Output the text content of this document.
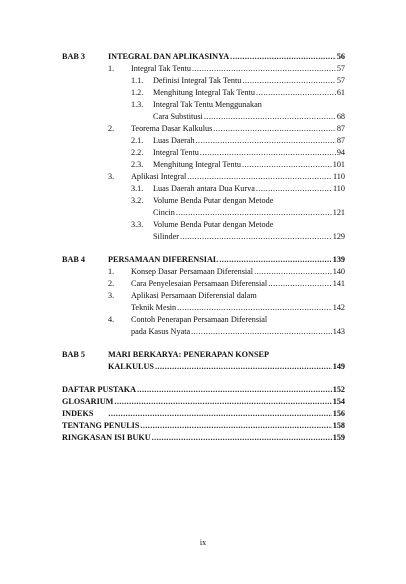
BAB 3	INTEGRAL DAN APLIKASINYA .....	56
1. Integral Tak Tentu .....	57
1.1. Definisi Integral Tak Tentu .....	57
1.2. Menghitung Integral Tak Tentu .....	61
1.3. Integral Tak Tentu Menggunakan
Cara Substitusi .....	68
2. Teorema Dasar Kalkulus .....	87
2.1. Luas Daerah .....	87
2.2. Integral Tentu .....	94
2.3. Menghitung Integral Tentu .....	101
3. Aplikasi Integral .....	110
3.1. Luas Daerah antara Dua Kurva .....	110
3.2. Volume Benda Putar dengan Metode
Cincin .....	121
3.3. Volume Benda Putar dengan Metode
Silinder .....	129
BAB 4	PERSAMAAN DIFERENSIAL .....	139
1. Konsep Dasar Persamaan Diferensial .....	140
2. Cara Penyelesaian Persamaan Diferensial .....	141
3. Aplikasi Persamaan Diferensial dalam
Teknik Mesin .....	142
4. Contoh Penerapan Persamaan Diferensial
pada Kasus Nyata .....	143
BAB 5	MARI BERKARYA: PENERAPAN KONSEP
KALKULUS .....	149
DAFTAR PUSTAKA .....	152
GLOSARIUM .....	154
INDEKS .....	156
TENTANG PENULIS .....	158
RINGKASAN ISI BUKU .....	159
ix
